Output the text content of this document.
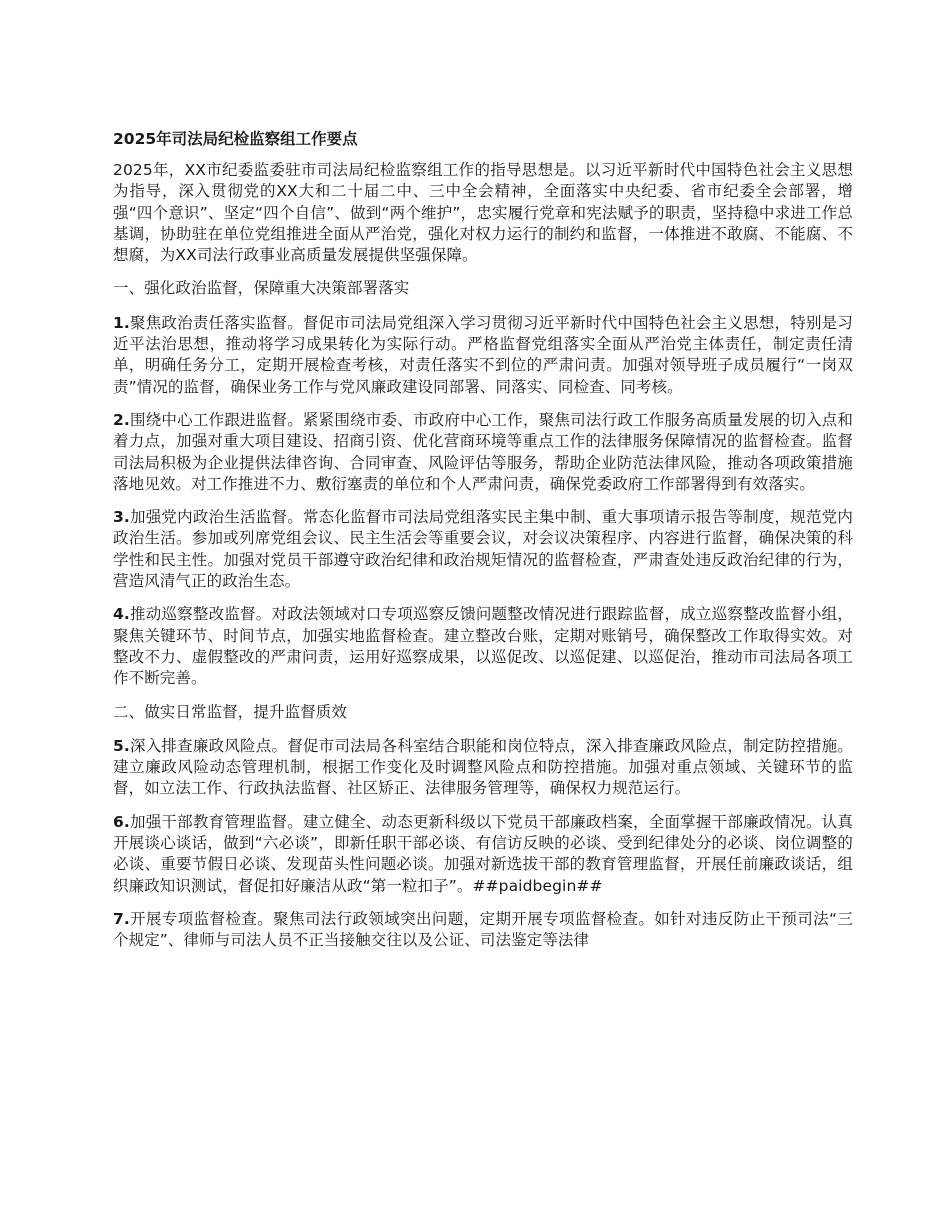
2025年司法局纪检监察组工作要点

2025年，XX市纪委监委驻市司法局纪检监察组工作的指导思想是。以习近平新时代中国特色社会主义思想为指导，深入贯彻党的XX大和二十届二中、三中全会精神，全面落实中央纪委、省市纪委全会部署，增强“四个意识”、坚定“四个自信”、做到“两个维护”，忠实履行党章和宪法赋予的职责，坚持稳中求进工作总基调，协助驻在单位党组推进全面从严治党，强化对权力运行的制约和监督，一体推进不敢腐、不能腐、不想腐，为XX司法行政事业高质量发展提供坚强保障。

一、强化政治监督，保障重大决策部署落实

1.聚焦政治责任落实监督。督促市司法局党组深入学习贯彻习近平新时代中国特色社会主义思想，特别是习近平法治思想，推动将学习成果转化为实际行动。严格监督党组落实全面从严治党主体责任，制定责任清单，明确任务分工，定期开展检查考核，对责任落实不到位的严肃问责。加强对领导班子成员履行“一岗双责”情况的监督，确保业务工作与党风廉政建设同部署、同落实、同检查、同考核。

2.围绕中心工作跟进监督。紧紧围绕市委、市政府中心工作，聚焦司法行政工作服务高质量发展的切入点和着力点，加强对重大项目建设、招商引资、优化营商环境等重点工作的法律服务保障情况的监督检查。监督司法局积极为企业提供法律咨询、合同审查、风险评估等服务，帮助企业防范法律风险，推动各项政策措施落地见效。对工作推进不力、敷衍塞责的单位和个人严肃问责，确保党委政府工作部署得到有效落实。

3.加强党内政治生活监督。常态化监督市司法局党组落实民主集中制、重大事项请示报告等制度，规范党内政治生活。参加或列席党组会议、民主生活会等重要会议，对会议决策程序、内容进行监督，确保决策的科学性和民主性。加强对党员干部遵守政治纪律和政治规矩情况的监督检查，严肃查处违反政治纪律的行为，营造风清气正的政治生态。

4.推动巡察整改监督。对政法领域对口专项巡察反馈问题整改情况进行跟踪监督，成立巡察整改监督小组，聚焦关键环节、时间节点，加强实地监督检查。建立整改台账，定期对账销号，确保整改工作取得实效。对整改不力、虚假整改的严肃问责，运用好巡察成果，以巡促改、以巡促建、以巡促治，推动市司法局各项工作不断完善。

二、做实日常监督，提升监督质效

5.深入排查廉政风险点。督促市司法局各科室结合职能和岗位特点，深入排查廉政风险点，制定防控措施。建立廉政风险动态管理机制，根据工作变化及时调整风险点和防控措施。加强对重点领域、关键环节的监督，如立法工作、行政执法监督、社区矫正、法律服务管理等，确保权力规范运行。

6.加强干部教育管理监督。建立健全、动态更新科级以下党员干部廉政档案，全面掌握干部廉政情况。认真开展谈心谈话，做到“六必谈”，即新任职干部必谈、有信访反映的必谈、受到纪律处分的必谈、岗位调整的必谈、重要节假日必谈、发现苗头性问题必谈。加强对新选拔干部的教育管理监督，开展任前廉政谈话，组织廉政知识测试，督促扣好廉洁从政“第一粒扣子”。##paidbegin##

7.开展专项监督检查。聚焦司法行政领域突出问题，定期开展专项监督检查。如针对违反防止干预司法“三个规定”、律师与司法人员不正当接触交往以及公证、司法鉴定等法律
